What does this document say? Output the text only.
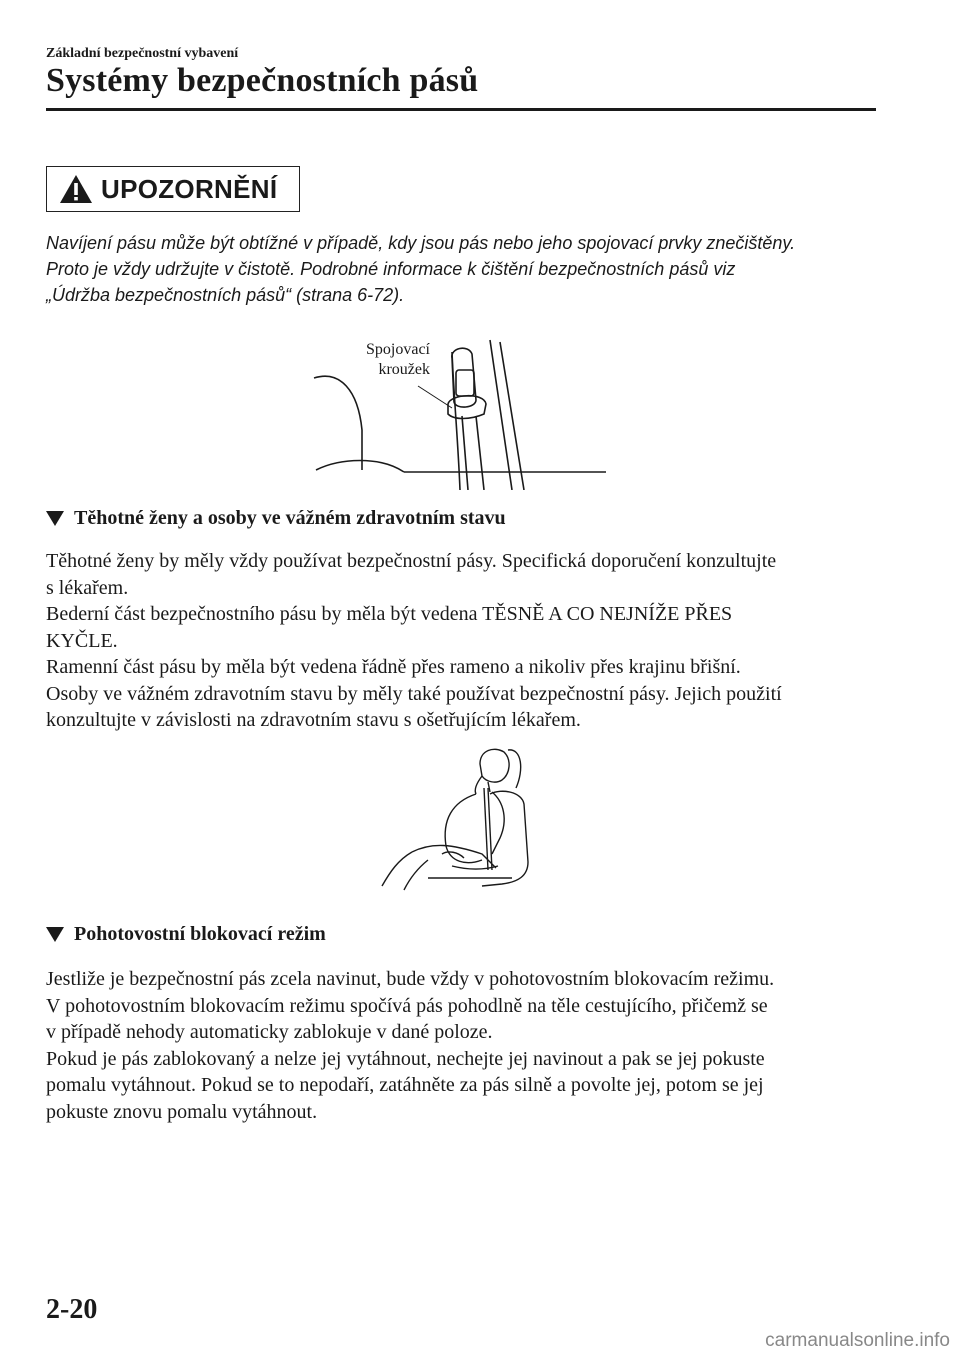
Základní bezpečnostní vybavení
Systémy bezpečnostních pásů
UPOZORNĚNÍ

Navíjení pásu může být obtížné v případě, kdy jsou pás nebo jeho spojovací prvky znečištěny.
Proto je vždy udržujte v čistotě. Podrobné informace k čištění bezpečnostních pásů viz
„Údržba bezpečnostních pásů“ (strana 6-72).

Spojovací
kroužek
Těhotné ženy a osoby ve vážném zdravotním stavu

Těhotné ženy by měly vždy používat bezpečnostní pásy. Specifická doporučení konzultujte
s lékařem.
Bederní část bezpečnostního pásu by měla být vedena TĚSNĚ A CO NEJNÍŽE PŘES
KYČLE.
Ramenní část pásu by měla být vedena řádně přes rameno a nikoliv přes krajinu břišní.
Osoby ve vážném zdravotním stavu by měly také používat bezpečnostní pásy. Jejich použití
konzultujte v závislosti na zdravotním stavu s ošetřujícím lékařem.

Pohotovostní blokovací režim

Jestliže je bezpečnostní pás zcela navinut, bude vždy v pohotovostním blokovacím režimu.
V pohotovostním blokovacím režimu spočívá pás pohodlně na těle cestujícího, přičemž se
v případě nehody automaticky zablokuje v dané poloze.
Pokud je pás zablokovaný a nelze jej vytáhnout, nechejte jej navinout a pak se jej pokuste
pomalu vytáhnout. Pokud se to nepodaří, zatáhněte za pás silně a povolte jej, potom se jej
pokuste znovu pomalu vytáhnout.

2-20
carmanualsonline.info
